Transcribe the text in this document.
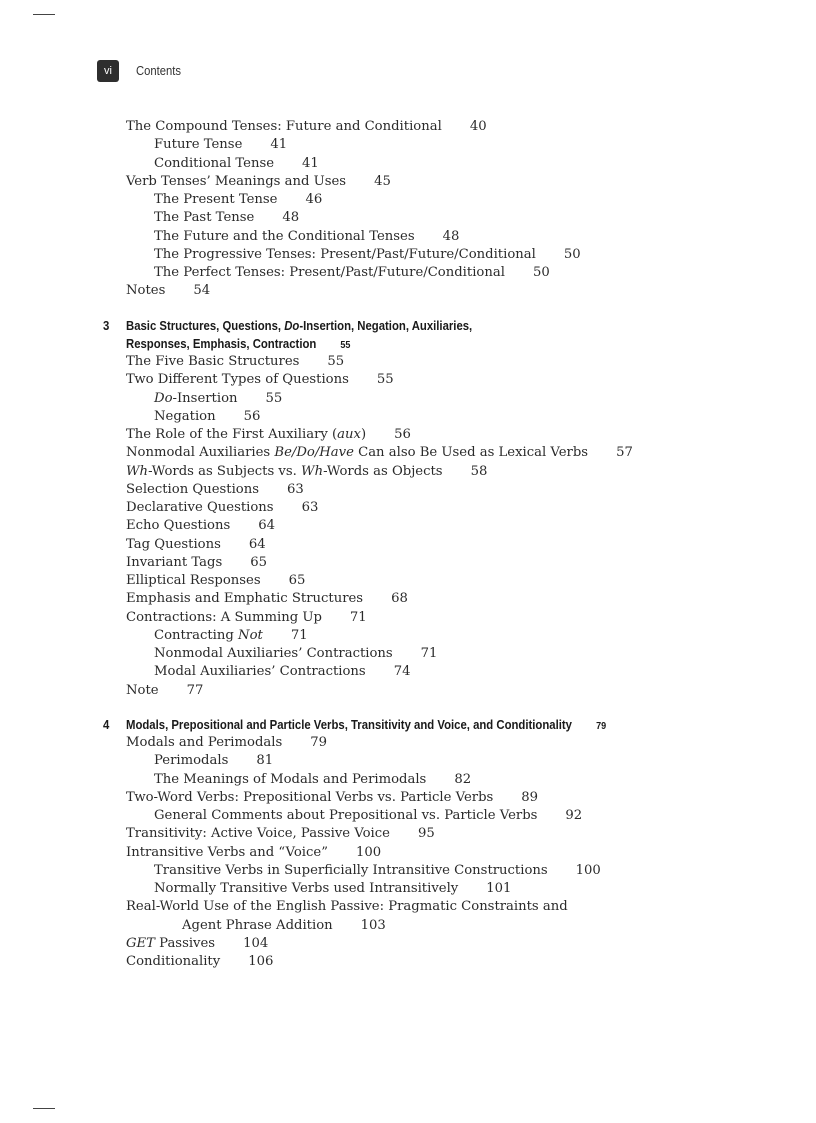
vi	Contents
The Compound Tenses: Future and Conditional 40
Future Tense 41
Conditional Tense 41
Verb Tenses’ Meanings and Uses 45
The Present Tense 46
The Past Tense 48
The Future and the Conditional Tenses 48
The Progressive Tenses: Present/Past/Future/Conditional 50
The Perfect Tenses: Present/Past/Future/Conditional 50
Notes 54
3 Basic Structures, Questions, Do-Insertion, Negation, Auxiliaries,
Responses, Emphasis, Contraction 55
The Five Basic Structures 55
Two Different Types of Questions 55
Do-Insertion 55
Negation 56
The Role of the First Auxiliary (aux) 56
Nonmodal Auxiliaries Be/Do/Have Can also Be Used as Lexical Verbs 57
Wh-Words as Subjects vs. Wh-Words as Objects 58
Selection Questions 63
Declarative Questions 63
Echo Questions 64
Tag Questions 64
Invariant Tags 65
Elliptical Responses 65
Emphasis and Emphatic Structures 68
Contractions: A Summing Up 71
Contracting Not 71
Nonmodal Auxiliaries’ Contractions 71
Modal Auxiliaries’ Contractions 74
Note 77
4 Modals, Prepositional and Particle Verbs, Transitivity and Voice, and Conditionality 79
Modals and Perimodals 79
Perimodals 81
The Meanings of Modals and Perimodals 82
Two-Word Verbs: Prepositional Verbs vs. Particle Verbs 89
General Comments about Prepositional vs. Particle Verbs 92
Transitivity: Active Voice, Passive Voice 95
Intransitive Verbs and “Voice” 100
Transitive Verbs in Superficially Intransitive Constructions 100
Normally Transitive Verbs used Intransitively 101
Real-World Use of the English Passive: Pragmatic Constraints and
Agent Phrase Addition 103
GET Passives 104
Conditionality 106
